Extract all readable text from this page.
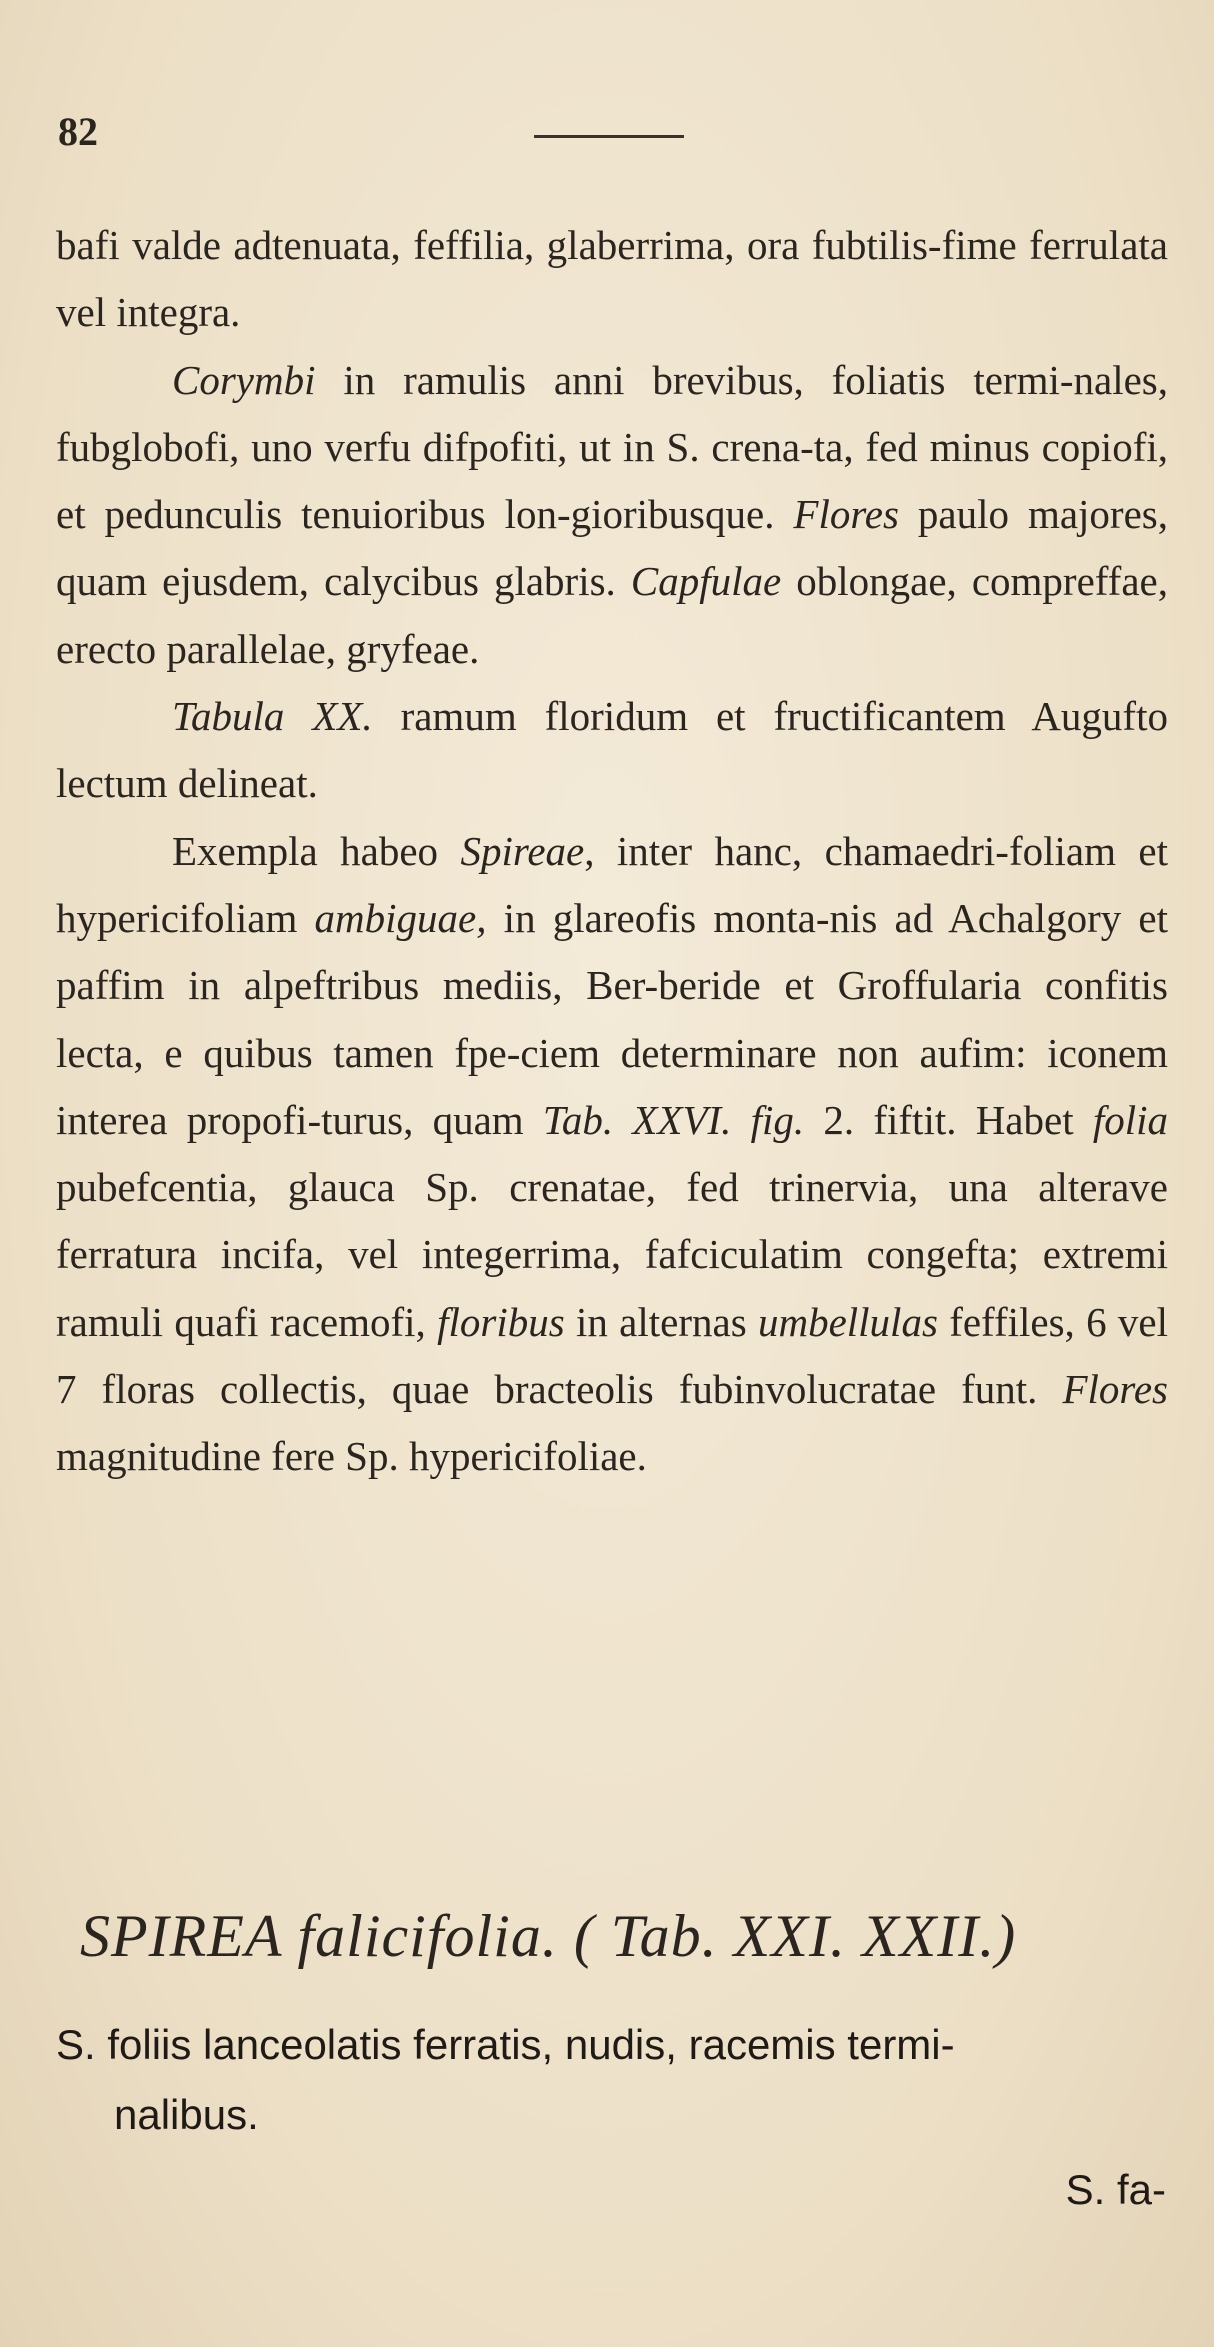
82

bafi valde adtenuata, feffilia, glaberrima, ora fubtilis-fime ferrulata vel integra.

Corymbi in ramulis anni brevibus, foliatis termi-nales, fubglobofi, uno verfu difpofiti, ut in S. crena-ta, fed minus copiofi, et pedunculis tenuioribus lon-gioribusque. Flores paulo majores, quam ejusdem, calycibus glabris. Capfulae oblongae, compreffae, erecto parallelae, gryfeae.

Tabula XX. ramum floridum et fructificantem Augufto lectum delineat.

Exempla habeo Spireae, inter hanc, chamaedri-foliam et hypericifoliam ambiguae, in glareofis monta-nis ad Achalgory et paffim in alpeftribus mediis, Ber-beride et Groffularia confitis lecta, e quibus tamen fpe-ciem determinare non aufim: iconem interea propofi-turus, quam Tab. XXVI. fig. 2. fiftit. Habet folia pubefcentia, glauca Sp. crenatae, fed trinervia, una alterave ferratura incifa, vel integerrima, fafciculatim congefta; extremi ramuli quafi racemofi, floribus in alternas umbellulas feffiles, 6 vel 7 floras collectis, quae bracteolis fubinvolucratae funt. Flores magnitudine fere Sp. hypericifoliae.

SPIREA falicifolia. ( Tab. XXI. XXII.)
S. foliis lanceolatis ferratis, nudis, racemis termi-
nalibus.
S. fa-
